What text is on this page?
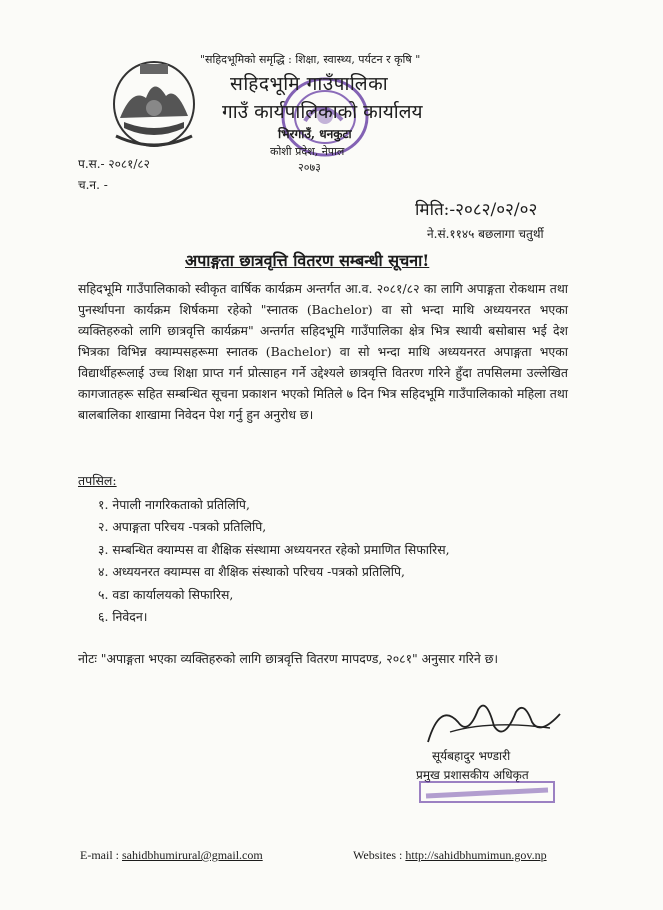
"सहिदभूमिको समृद्धि : शिक्षा, स्वास्थ्य, पर्यटन र कृषि "
सहिदभूमि गाउँपालिका
गाउँ कार्यपालिकाको कार्यालय
भिरगाउँ, धनकुटा
कोशी प्रदेश, नेपाल
२०७३
प.स.- २०८१/८२
च.न. -
मिति:-२०८२/०२/०२
ने.सं.११४५ बछलागा चतुर्थी
अपाङ्गता छात्रवृत्ति वितरण सम्बन्धी सूचना!
सहिदभूमि गाउँपालिकाको स्वीकृत वार्षिक कार्यक्रम अन्तर्गत आ.व. २०८१/८२ का लागि अपाङ्गता रोकथाम तथा पुनर्स्थापना कार्यक्रम शिर्षकमा रहेको "स्नातक (Bachelor) वा सो भन्दा माथि अध्ययनरत भएका व्यक्तिहरुको लागि छात्रवृत्ति कार्यक्रम" अन्तर्गत सहिदभूमि गाउँपालिका क्षेत्र भित्र स्थायी बसोबास भई देश भित्रका विभिन्न क्याम्पसहरूमा स्नातक (Bachelor) वा सो भन्दा माथि अध्ययनरत अपाङ्गता भएका विद्यार्थीहरूलाई उच्च शिक्षा प्राप्त गर्न प्रोत्साहन गर्ने उद्देश्यले छात्रवृत्ति वितरण गरिने हुँदा तपसिलमा उल्लेखित कागजातहरू सहित सम्बन्धित सूचना प्रकाशन भएको मितिले ७ दिन भित्र सहिदभूमि गाउँपालिकाको महिला तथा बालबालिका शाखामा निवेदन पेश गर्नु हुन अनुरोध छ।
तपसिल:
१. नेपाली नागरिकताको प्रतिलिपि,
२. अपाङ्गता परिचय -पत्रको प्रतिलिपि,
३. सम्बन्धित क्याम्पस वा शैक्षिक संस्थामा अध्ययनरत रहेको प्रमाणित सिफारिस,
४. अध्ययनरत क्याम्पस वा शैक्षिक संस्थाको परिचय -पत्रको प्रतिलिपि,
५. वडा कार्यालयको सिफारिस,
६. निवेदन।
नोटः "अपाङ्गता भएका व्यक्तिहरुको लागि छात्रवृत्ति वितरण मापदण्ड, २०८१" अनुसार गरिने छ।
सूर्यबहादुर भण्डारी
प्रमुख प्रशासकीय अधिकृत
E-mail : sahidbhumirural@gmail.com	Websites : http://sahidbhumimun.gov.np
